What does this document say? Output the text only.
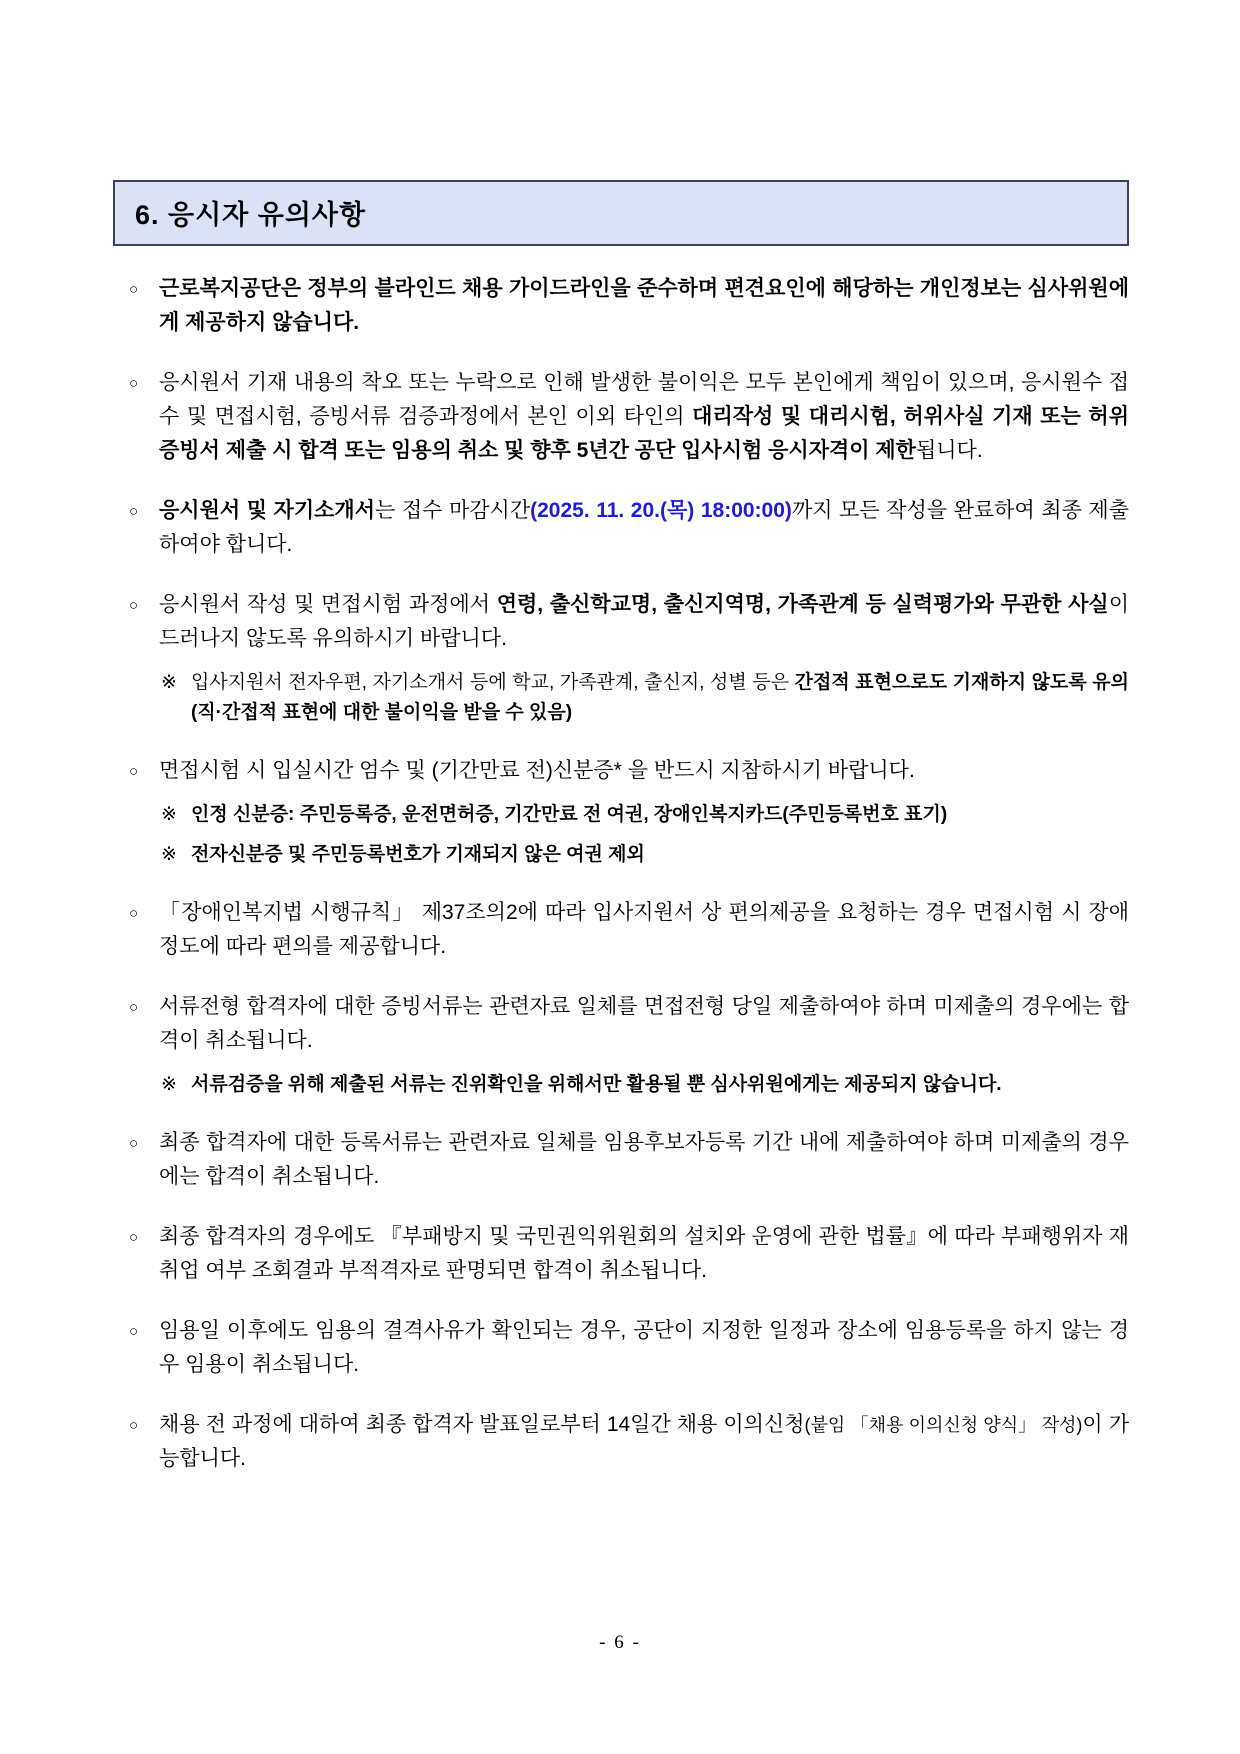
6. 응시자 유의사항

○ 근로복지공단은 정부의 블라인드 채용 가이드라인을 준수하며 편견요인에 해당하는 개인정보는 심사위원에게 제공하지 않습니다.

○ 응시원서 기재 내용의 착오 또는 누락으로 인해 발생한 불이익은 모두 본인에게 책임이 있으며, 응시원수 접수 및 면접시험, 증빙서류 검증과정에서 본인 이외 타인의 대리작성 및 대리시험, 허위사실 기재 또는 허위 증빙서 제출 시 합격 또는 임용의 취소 및 향후 5년간 공단 입사시험 응시자격이 제한됩니다.

○ 응시원서 및 자기소개서는 접수 마감시간(2025. 11. 20.(목) 18:00:00)까지 모든 작성을 완료하여 최종 제출하여야 합니다.

○ 응시원서 작성 및 면접시험 과정에서 연령, 출신학교명, 출신지역명, 가족관계 등 실력평가와 무관한 사실이 드러나지 않도록 유의하시기 바랍니다.

※ 입사지원서 전자우편, 자기소개서 등에 학교, 가족관계, 출신지, 성별 등은 간접적 표현으로도 기재하지 않도록 유의 (직·간접적 표현에 대한 불이익을 받을 수 있음)

○ 면접시험 시 입실시간 엄수 및 (기간만료 전)신분증* 을 반드시 지참하시기 바랍니다.

※ 인정 신분증: 주민등록증, 운전면허증, 기간만료 전 여권, 장애인복지카드(주민등록번호 표기)

※ 전자신분증 및 주민등록번호가 기재되지 않은 여권 제외

○ 「장애인복지법 시행규칙」 제37조의2에 따라 입사지원서 상 편의제공을 요청하는 경우 면접시험 시 장애정도에 따라 편의를 제공합니다.

○ 서류전형 합격자에 대한 증빙서류는 관련자료 일체를 면접전형 당일 제출하여야 하며 미제출의 경우에는 합격이 취소됩니다.

※ 서류검증을 위해 제출된 서류는 진위확인을 위해서만 활용될 뿐 심사위원에게는 제공되지 않습니다.

○ 최종 합격자에 대한 등록서류는 관련자료 일체를 임용후보자등록 기간 내에 제출하여야 하며 미제출의 경우에는 합격이 취소됩니다.

○ 최종 합격자의 경우에도 『부패방지 및 국민권익위원회의 설치와 운영에 관한 법률』에 따라 부패행위자 재취업 여부 조회결과 부적격자로 판명되면 합격이 취소됩니다.

○ 임용일 이후에도 임용의 결격사유가 확인되는 경우, 공단이 지정한 일정과 장소에 임용등록을 하지 않는 경우 임용이 취소됩니다.

○ 채용 전 과정에 대하여 최종 합격자 발표일로부터 14일간 채용 이의신청(붙임 「채용 이의신청 양식」 작성)이 가능합니다.

- 6 -
